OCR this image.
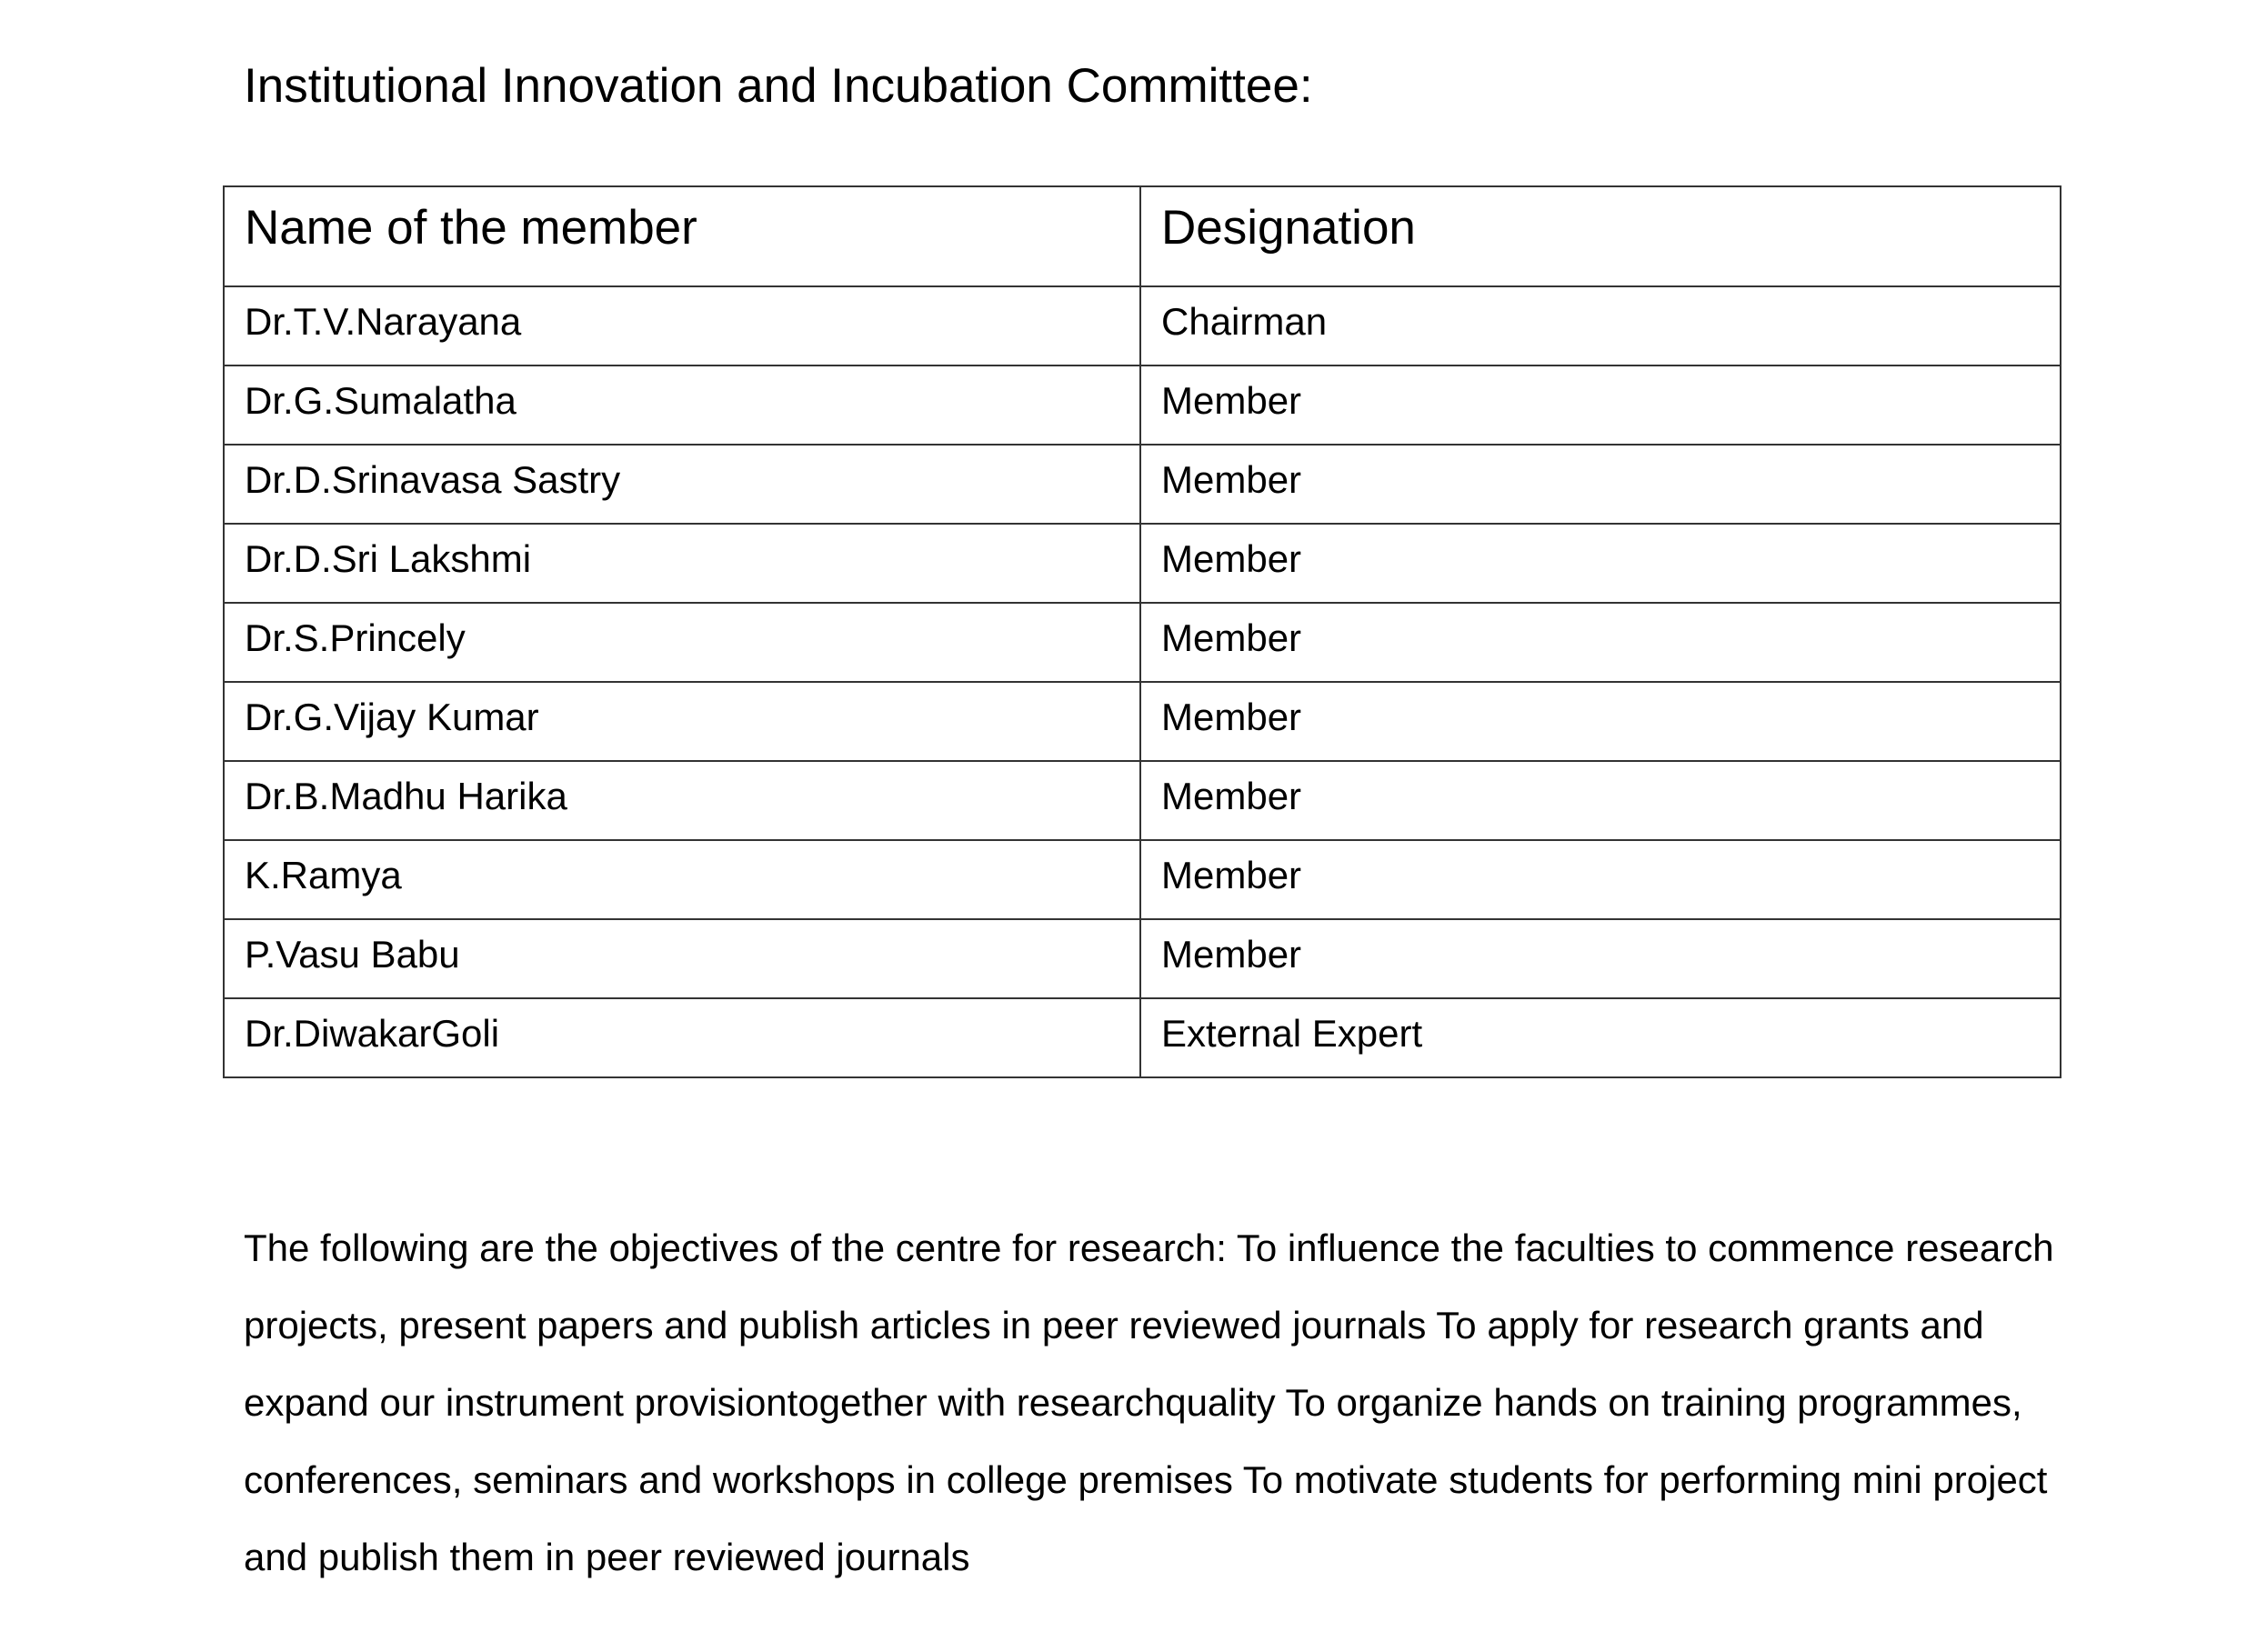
Institutional Innovation and Incubation Committee:
Name of the member	Designation
Dr.T.V.Narayana	Chairman
Dr.G.Sumalatha	Member
Dr.D.Srinavasa Sastry	Member
Dr.D.Sri Lakshmi	Member
Dr.S.Princely	Member
Dr.G.Vijay Kumar	Member
Dr.B.Madhu Harika	Member
K.Ramya	Member
P.Vasu Babu	Member
Dr.DiwakarGoli	External Expert

The following are the objectives of the centre for research: To influence the faculties to commence research projects, present papers and publish articles in peer reviewed journals To apply for research grants and expand our instrument provisiontogether with researchquality To organize hands on training programmes, conferences, seminars and workshops in college premises To motivate students for performing mini project and publish them in peer reviewed journals
